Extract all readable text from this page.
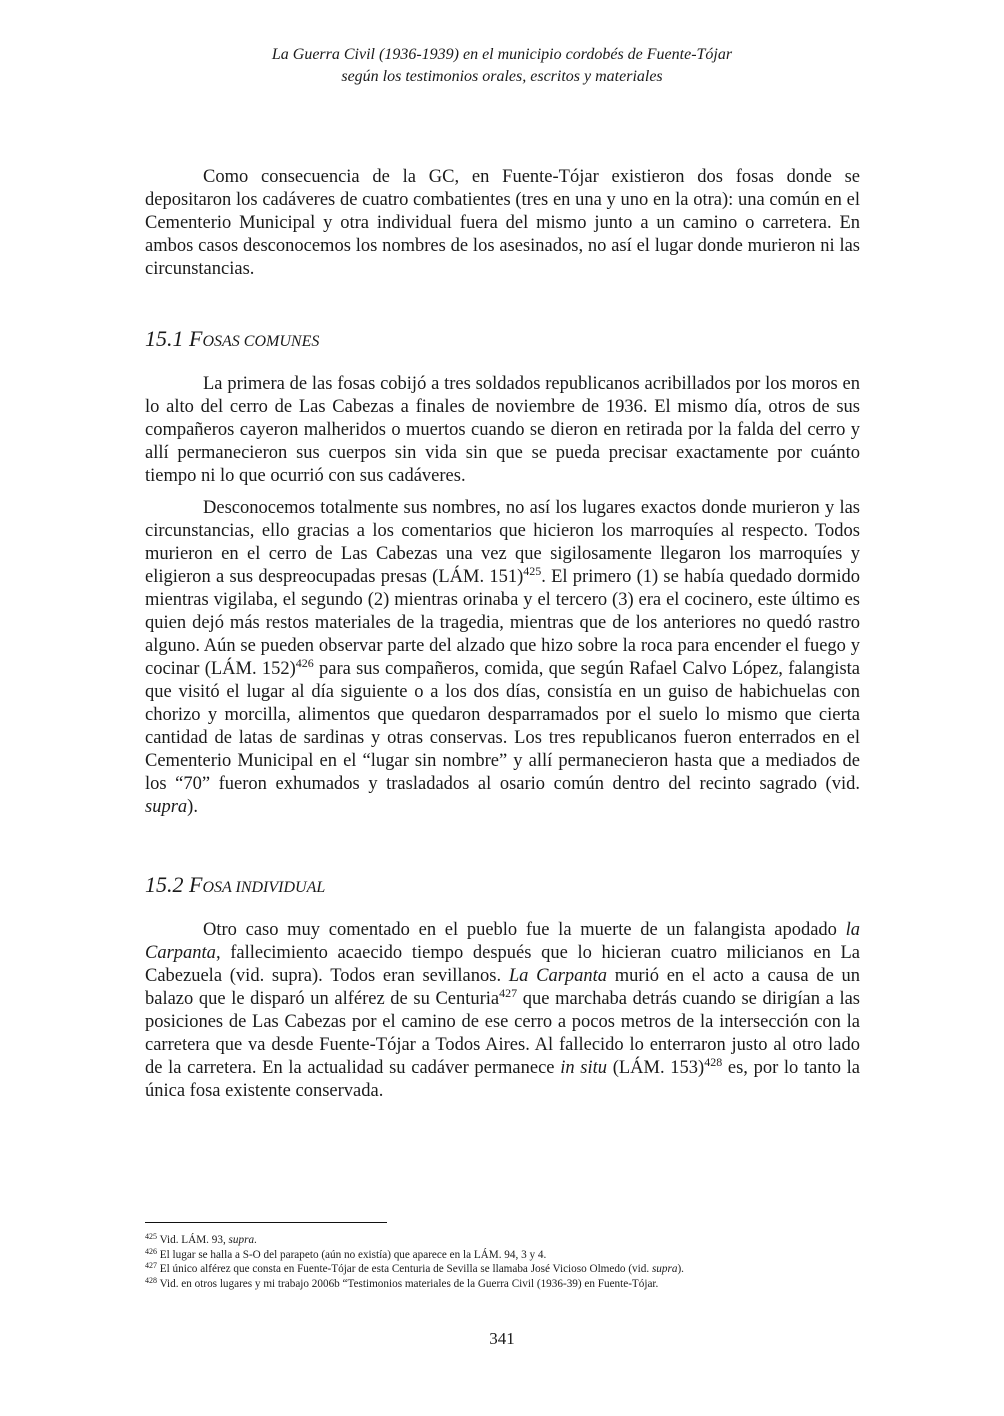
La Guerra Civil (1936-1939) en el municipio cordobés de Fuente-Tójar
según los testimonios orales, escritos y materiales

Como consecuencia de la GC, en Fuente-Tójar existieron dos fosas donde se depositaron los cadáveres de cuatro combatientes (tres en una y uno en la otra): una común en el Cementerio Municipal y otra individual fuera del mismo junto a un camino o carretera. En ambos casos desconocemos los nombres de los asesinados, no así el lugar donde murieron ni las circunstancias.

15.1 FOSAS COMUNES

La primera de las fosas cobijó a tres soldados republicanos acribillados por los moros en lo alto del cerro de Las Cabezas a finales de noviembre de 1936. El mismo día, otros de sus compañeros cayeron malheridos o muertos cuando se dieron en retirada por la falda del cerro y allí permanecieron sus cuerpos sin vida sin que se pueda precisar exactamente por cuánto tiempo ni lo que ocurrió con sus cadáveres.

Desconocemos totalmente sus nombres, no así los lugares exactos donde murieron y las circunstancias, ello gracias a los comentarios que hicieron los marroquíes al respecto. Todos murieron en el cerro de Las Cabezas una vez que sigilosamente llegaron los marroquíes y eligieron a sus despreocupadas presas (LÁM. 151)$^{425}$. El primero (1) se había quedado dormido mientras vigilaba, el segundo (2) mientras orinaba y el tercero (3) era el cocinero, este último es quien dejó más restos materiales de la tragedia, mientras que de los anteriores no quedó rastro alguno. Aún se pueden observar parte del alzado que hizo sobre la roca para encender el fuego y cocinar (LÁM. 152)$^{426}$ para sus compañeros, comida, que según Rafael Calvo López, falangista que visitó el lugar al día siguiente o a los dos días, consistía en un guiso de habichuelas con chorizo y morcilla, alimentos que quedaron desparramados por el suelo lo mismo que cierta cantidad de latas de sardinas y otras conservas. Los tres republicanos fueron enterrados en el Cementerio Municipal en el “lugar sin nombre” y allí permanecieron hasta que a mediados de los “70” fueron exhumados y trasladados al osario común dentro del recinto sagrado (vid. supra).

15.2 FOSA INDIVIDUAL

Otro caso muy comentado en el pueblo fue la muerte de un falangista apodado la Carpanta, fallecimiento acaecido tiempo después que lo hicieran cuatro milicianos en La Cabezuela (vid. supra). Todos eran sevillanos. La Carpanta murió en el acto a causa de un balazo que le disparó un alférez de su Centuria$^{427}$ que marchaba detrás cuando se dirigían a las posiciones de Las Cabezas por el camino de ese cerro a pocos metros de la intersección con la carretera que va desde Fuente-Tójar a Todos Aires. Al fallecido lo enterraron justo al otro lado de la carretera. En la actualidad su cadáver permanece in situ (LÁM. 153)$^{428}$ es, por lo tanto la única fosa existente conservada.

$^{425}$ Vid. LÁM. 93, supra.
$^{426}$ El lugar se halla a S-O del parapeto (aún no existía) que aparece en la LÁM. 94, 3 y 4.
$^{427}$ El único alférez que consta en Fuente-Tójar de esta Centuria de Sevilla se llamaba José Vicioso Olmedo (vid. supra).
$^{428}$ Vid. en otros lugares y mi trabajo 2006b “Testimonios materiales de la Guerra Civil (1936-39) en Fuente-Tójar.
341
